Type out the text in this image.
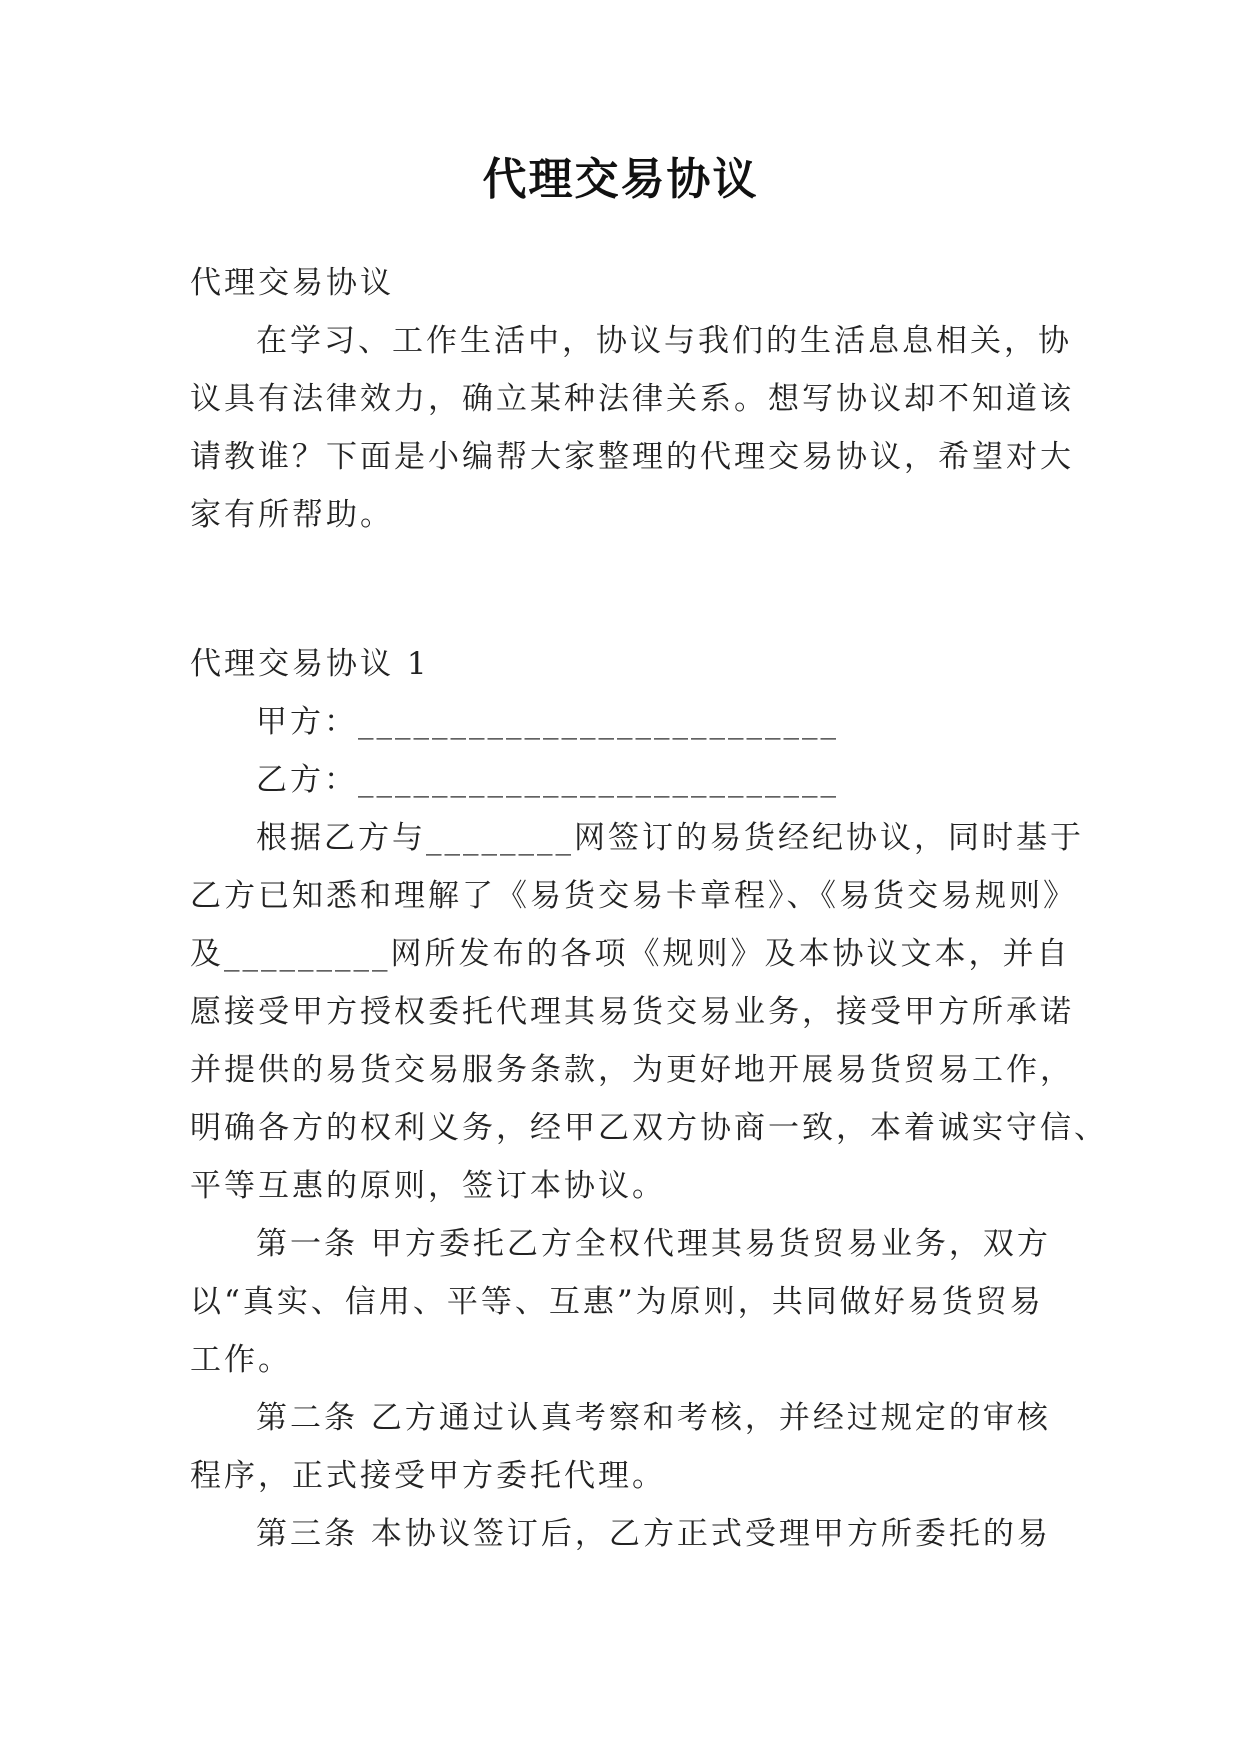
代理交易协议

代理交易协议

在学习、工作生活中，协议与我们的生活息息相关，协
议具有法律效力，确立某种法律关系。想写协议却不知道该
请教谁？下面是小编帮大家整理的代理交易协议，希望对大
家有所帮助。

代理交易协议 1

甲方：__________________________

乙方：__________________________

根据乙方与________网签订的易货经纪协议，同时基于
乙方已知悉和理解了《易货交易卡章程》、《易货交易规则》
及_________网所发布的各项《规则》及本协议文本，并自
愿接受甲方授权委托代理其易货交易业务，接受甲方所承诺
并提供的易货交易服务条款，为更好地开展易货贸易工作，
明确各方的权利义务，经甲乙双方协商一致，本着诚实守信、
平等互惠的原则，签订本协议。

第一条 甲方委托乙方全权代理其易货贸易业务，双方
以“真实、信用、平等、互惠”为原则，共同做好易货贸易
工作。

第二条 乙方通过认真考察和考核，并经过规定的审核
程序，正式接受甲方委托代理。

第三条 本协议签订后，乙方正式受理甲方所委托的易
